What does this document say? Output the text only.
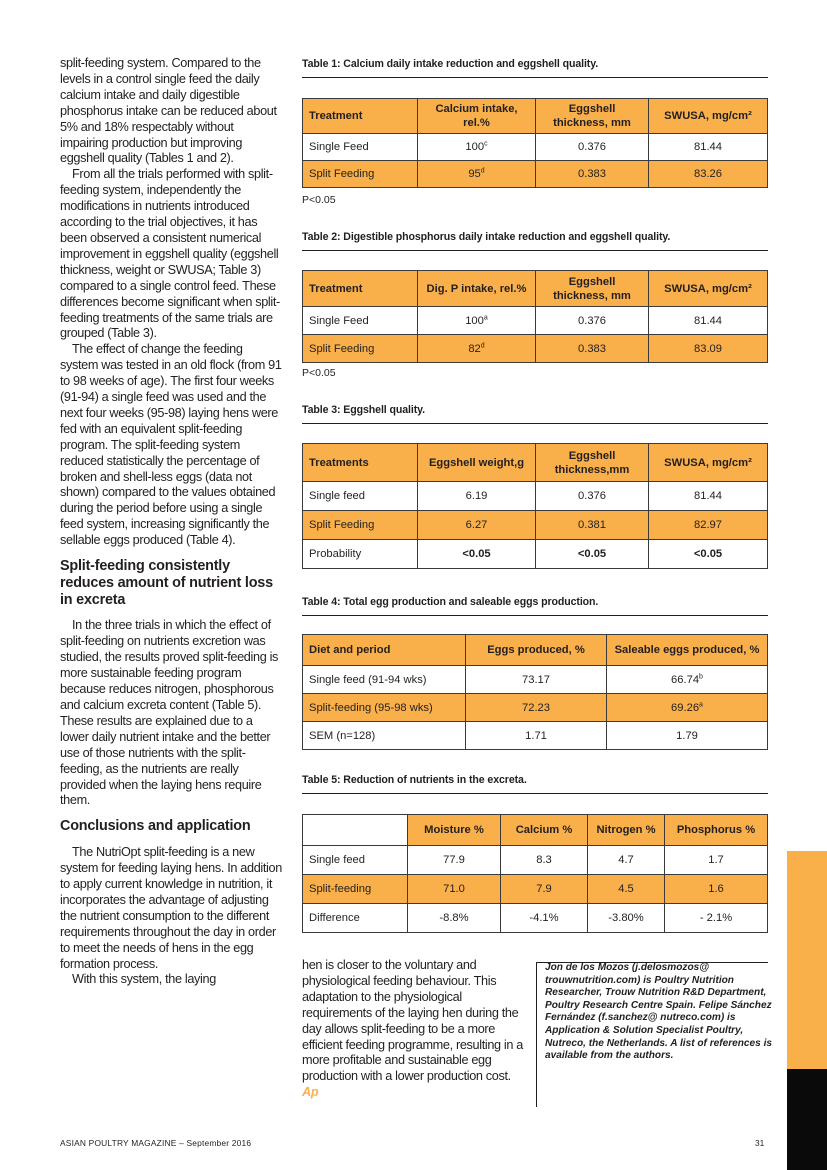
split-feeding system. Compared to the levels in a control single feed the daily calcium intake and daily digestible phosphorus intake can be reduced about 5% and 18% respectably without impairing production but improving eggshell quality (Tables 1 and 2).

From all the trials performed with split-feeding system, independently the modifications in nutrients introduced according to the trial objectives, it has been observed a consistent numerical improvement in eggshell quality (eggshell thickness, weight or SWUSA; Table 3) compared to a single control feed. These differences become significant when split-feeding treatments of the same trials are grouped (Table 3).

The effect of change the feeding system was tested in an old flock (from 91 to 98 weeks of age). The first four weeks (91-94) a single feed was used and the next four weeks (95-98) laying hens were fed with an equivalent split-feeding program. The split-feeding system reduced statistically the percentage of broken and shell-less eggs (data not shown) compared to the values obtained during the period before using a single feed system, increasing significantly the sellable eggs produced (Table 4).

Split-feeding consistently reduces amount of nutrient loss in excreta

In the three trials in which the effect of split-feeding on nutrients excretion was studied, the results proved split-feeding is more sustainable feeding program because reduces nitrogen, phosphorous and calcium excreta content (Table 5). These results are explained due to a lower daily nutrient intake and the better use of those nutrients with the split-feeding, as the nutrients are really provided when the laying hens require them.

Conclusions and application

The NutriOpt split-feeding is a new system for feeding laying hens. In addition to apply current knowledge in nutrition, it incorporates the advantage of adjusting the nutrient consumption to the different requirements throughout the day in order to meet the needs of hens in the egg formation process.

With this system, the laying

Table 1: Calcium daily intake reduction and eggshell quality.
Treatment	Calcium intake, rel.%	Eggshell thickness, mm	SWUSA, mg/cm²
Single Feed	100$^c$	0.376	81.44
Split Feeding	95$^d$	0.383	83.26
P<0.05
Table 2: Digestible phosphorus daily intake reduction and eggshell quality.
Treatment	Dig. P intake, rel.%	Eggshell thickness, mm	SWUSA, mg/cm²
Single Feed	100$^a$	0.376	81.44
Split Feeding	82$^d$	0.383	83.09
P<0.05
Table 3: Eggshell quality.
Treatments	Eggshell weight,g	Eggshell thickness,mm	SWUSA, mg/cm²
Single feed	6.19	0.376	81.44
Split Feeding	6.27	0.381	82.97
Probability	<0.05	<0.05	<0.05
Table 4: Total egg production and saleable eggs production.
Diet and period	Eggs produced, %	Saleable eggs produced, %
Single feed (91-94 wks)	73.17	66.74$^b$
Split-feeding (95-98 wks)	72.23	69.26$^a$
SEM (n=128)	1.71	1.79
Table 5: Reduction of nutrients in the excreta.
	Moisture %	Calcium %	Nitrogen %	Phosphorus %
Single feed	77.9	8.3	4.7	1.7
Split-feeding	71.0	7.9	4.5	1.6
Difference	-8.8%	-4.1%	-3.80%	- 2.1%

hen is closer to the voluntary and physiological feeding behaviour. This adaptation to the physiological requirements of the laying hen during the day allows split-feeding to be a more efficient feeding programme, resulting in a more profitable and sustainable egg production with a lower production cost. Ap

Jon de los Mozos (j.delosmozos@ trouwnutrition.com) is Poultry Nutrition Researcher, Trouw Nutrition R&D Department, Poultry Research Centre Spain. Felipe Sánchez Fernández (f.sanchez@ nutreco.com) is Application & Solution Specialist Poultry, Nutreco, the Netherlands. A list of references is available from the authors.
ASIAN POULTRY MAGAZINE – September 2016	31
